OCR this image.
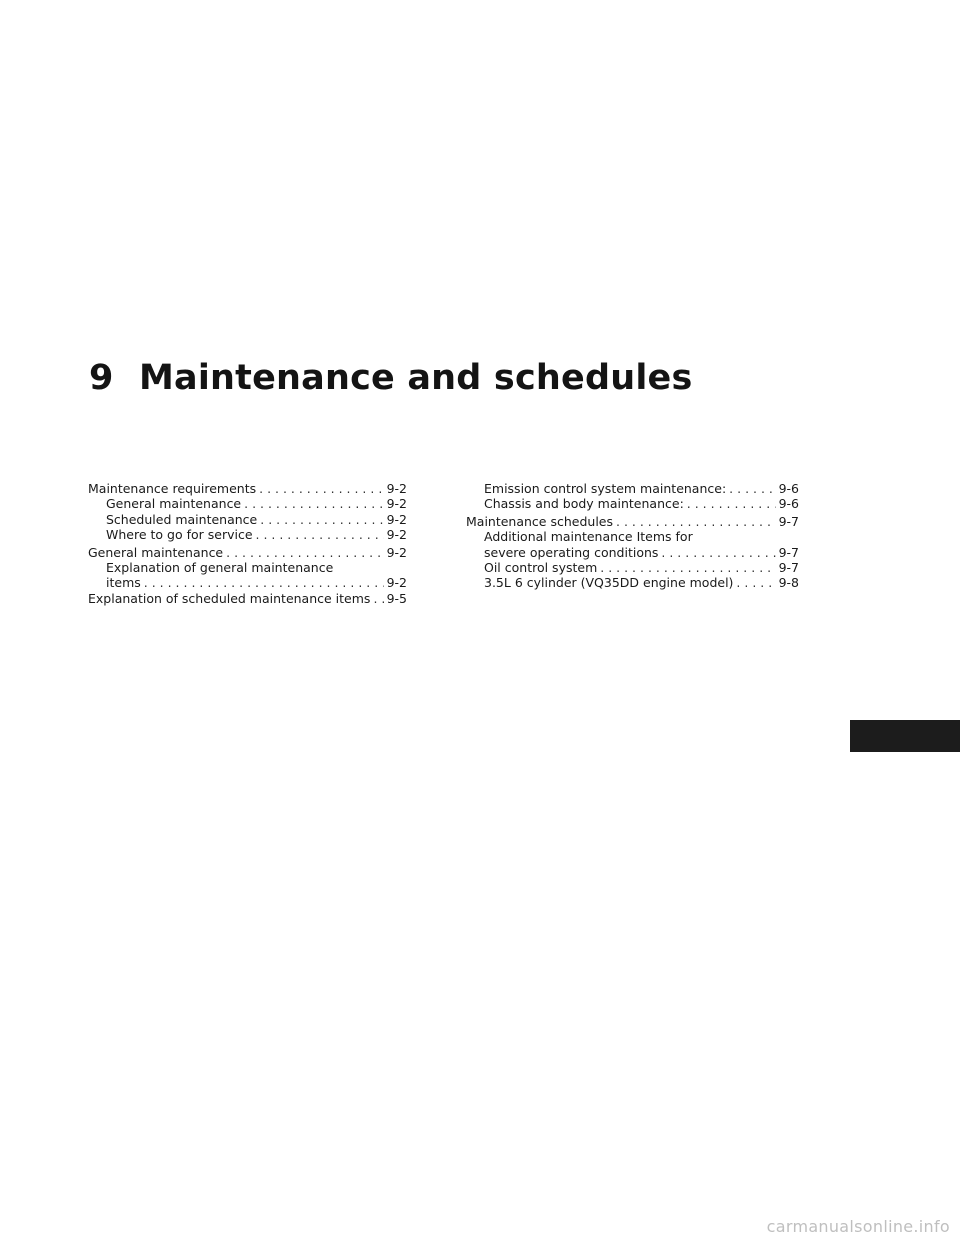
9 Maintenance and schedules
Maintenance requirements . . .	9-2
General maintenance . . .	9-2
Scheduled maintenance . . .	9-2
Where to go for service . . .	9-2
General maintenance . . .	9-2
Explanation of general maintenance
items . . .	9-2
Explanation of scheduled maintenance items . . . 9-5
Emission control system maintenance: . . .	9-6
Chassis and body maintenance: . . .	9-6
Maintenance schedules . . .	9-7
Additional maintenance Items for
severe operating conditions . . .	9-7
Oil control system . . .	9-7
3.5L 6 cylinder (VQ35DD engine model) . . .	9-8
carmanualsonline.info
